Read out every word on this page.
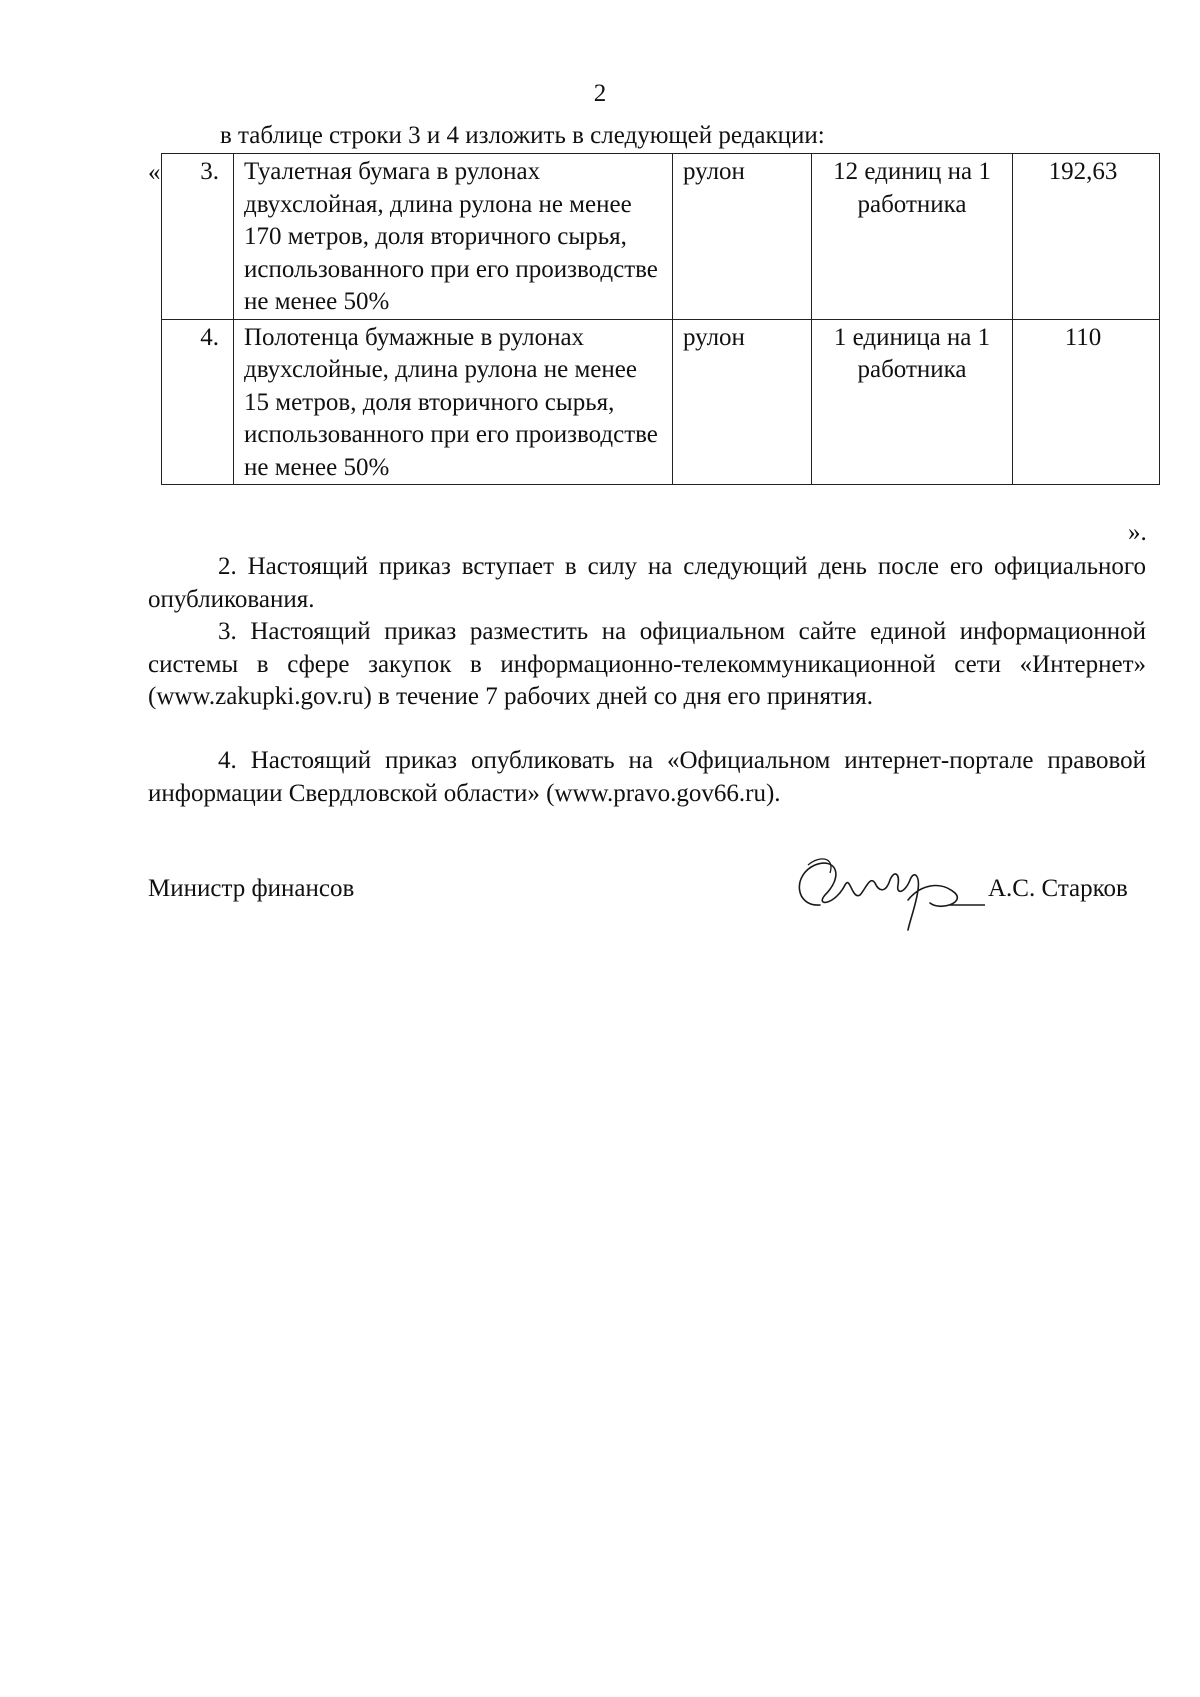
2
в таблице строки 3 и 4 изложить в следующей редакции:
« 3.	Туалетная бумага в рулонах двухслойная, длина рулона не менее 170 метров, доля вторичного сырья, использованного при его производстве не менее 50%	рулон	12 единиц на 1 работника	192,63
4.	Полотенца бумажные в рулонах двухслойные, длина рулона не менее 15 метров, доля вторичного сырья, использованного при его производстве не менее 50%	рулон	1 единица на 1 работника	110
».
2. Настоящий приказ вступает в силу на следующий день после его официального опубликования.
3. Настоящий приказ разместить на официальном сайте единой информационной системы в сфере закупок в информационно-телекоммуникационной сети «Интернет» (www.zakupki.gov.ru) в течение 7 рабочих дней со дня его принятия.
4. Настоящий приказ опубликовать на «Официальном интернет-портале правовой информации Свердловской области» (www.pravo.gov66.ru).
Министр финансов	А.С. Старков
